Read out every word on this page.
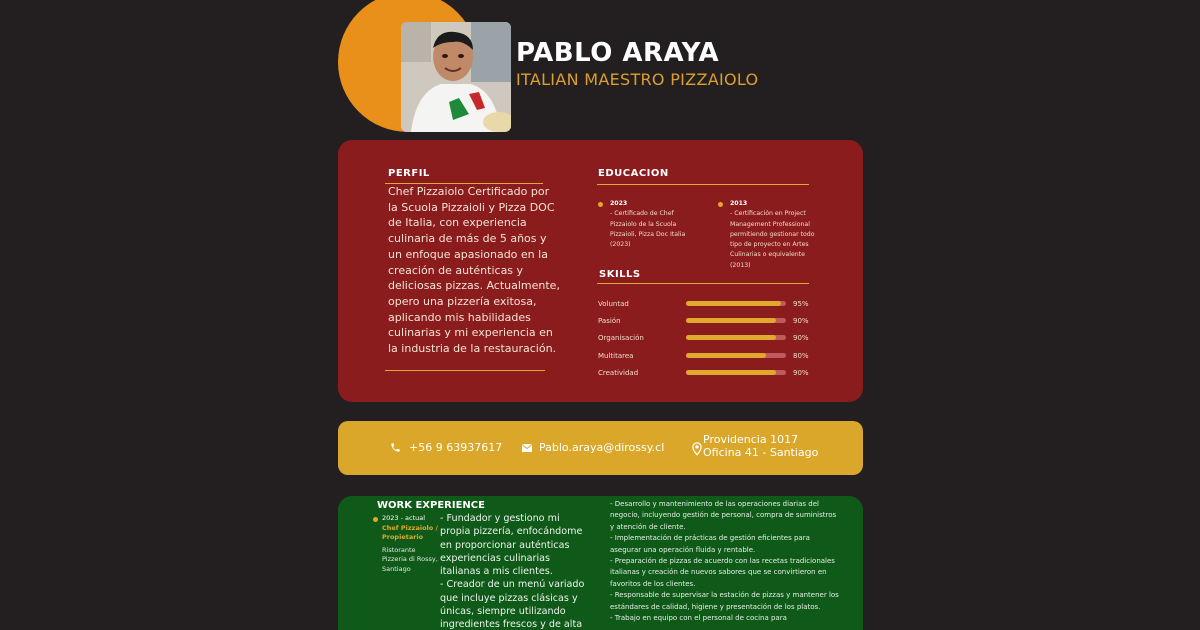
PABLO ARAYA
ITALIAN MAESTRO PIZZAIOLO
PERFIL
Chef Pizzaiolo Certificado por la Scuola Pizzaioli y Pizza DOC de Italia, con experiencia culinaria de más de 5 años y un enfoque apasionado en la creación de auténticas y deliciosas pizzas. Actualmente, opero una pizzería exitosa, aplicando mis habilidades culinarias y mi experiencia en la industria de la restauración.
EDUCACION
2023
- Certificado de Chef Pizzaiolo de la Scuola Pizzaioli, Pizza Doc Italia (2023)
2013
- Certificación en Project Management Professional permitiendo gestionar todo tipo de proyecto en Artes Culinarias o equivalente (2013)
SKILLS
Voluntad	95%
Pasión	90%
Organisación	90%
Multitarea	80%
Creatividad	90%
+56 9 63937617	Pablo.araya@dirossy.cl
Providencia 1017
Oficina 41 - Santiago
WORK EXPERIENCE
2023 - actual
Chef Pizzaiolo / Propietario
Ristorante Pizzeria di Rossy, Santiago
- Fundador y gestiono mi propia pizzería, enfocándome en proporcionar auténticas experiencias culinarias italianas a mis clientes.
- Creador de un menú variado que incluye pizzas clásicas y únicas, siempre utilizando ingredientes frescos y de alta
- Desarrollo y mantenimiento de las operaciones diarias del negocio, incluyendo gestión de personal, compra de suministros y atención de cliente.
- Implementación de prácticas de gestión eficientes para asegurar una operación fluida y rentable.
- Preparación de pizzas de acuerdo con las recetas tradicionales italianas y creación de nuevos sabores que se convirtieron en favoritos de los clientes.
- Responsable de supervisar la estación de pizzas y mantener los estándares de calidad, higiene y presentación de los platos.
- Trabajo en equipo con el personal de cocina para
